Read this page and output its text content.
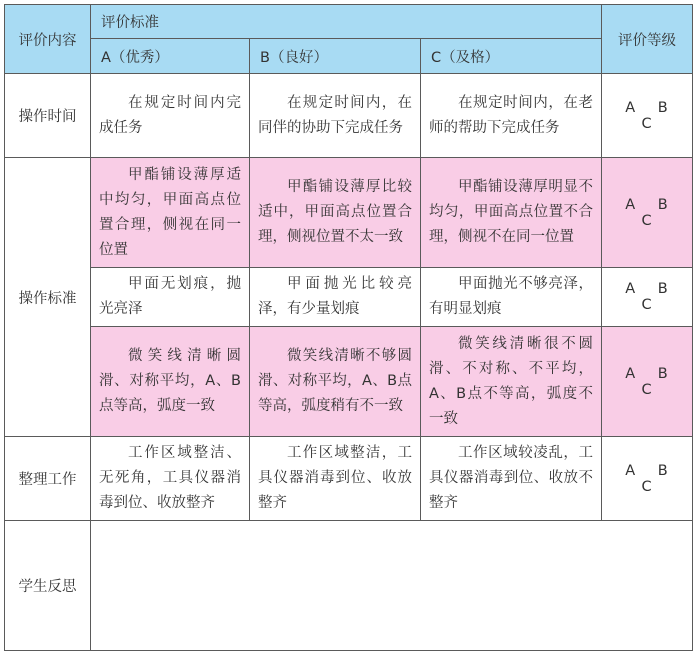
评价内容	评价标准			评价等级
	A（优秀）	B（良好）	C（及格）	
操作时间	在规定时间内完成任务	在规定时间内，在同伴的协助下完成任务	在规定时间内，在老师的帮助下完成任务	A B C
操作标准	甲酯铺设薄厚适中均匀，甲面高点位置合理，侧视在同一位置	甲酯铺设薄厚比较适中，甲面高点位置合理，侧视位置不太一致	甲酯铺设薄厚明显不均匀，甲面高点位置不合理，侧视不在同一位置	A B C
	甲面无划痕，抛光亮泽	甲面抛光比较亮泽，有少量划痕	甲面抛光不够亮泽，有明显划痕	A B C
	微笑线清晰圆滑、对称平均，A、B点等高，弧度一致	微笑线清晰不够圆滑、对称平均，A、B点等高，弧度稍有不一致	微笑线清晰很不圆滑、不对称、不平均，A、B点不等高，弧度不一致	A B C
整理工作	工作区域整洁、无死角，工具仪器消毒到位、收放整齐	工作区域整洁，工具仪器消毒到位、收放整齐	工作区域较凌乱，工具仪器消毒到位、收放不整齐	A B C
学生反思				
